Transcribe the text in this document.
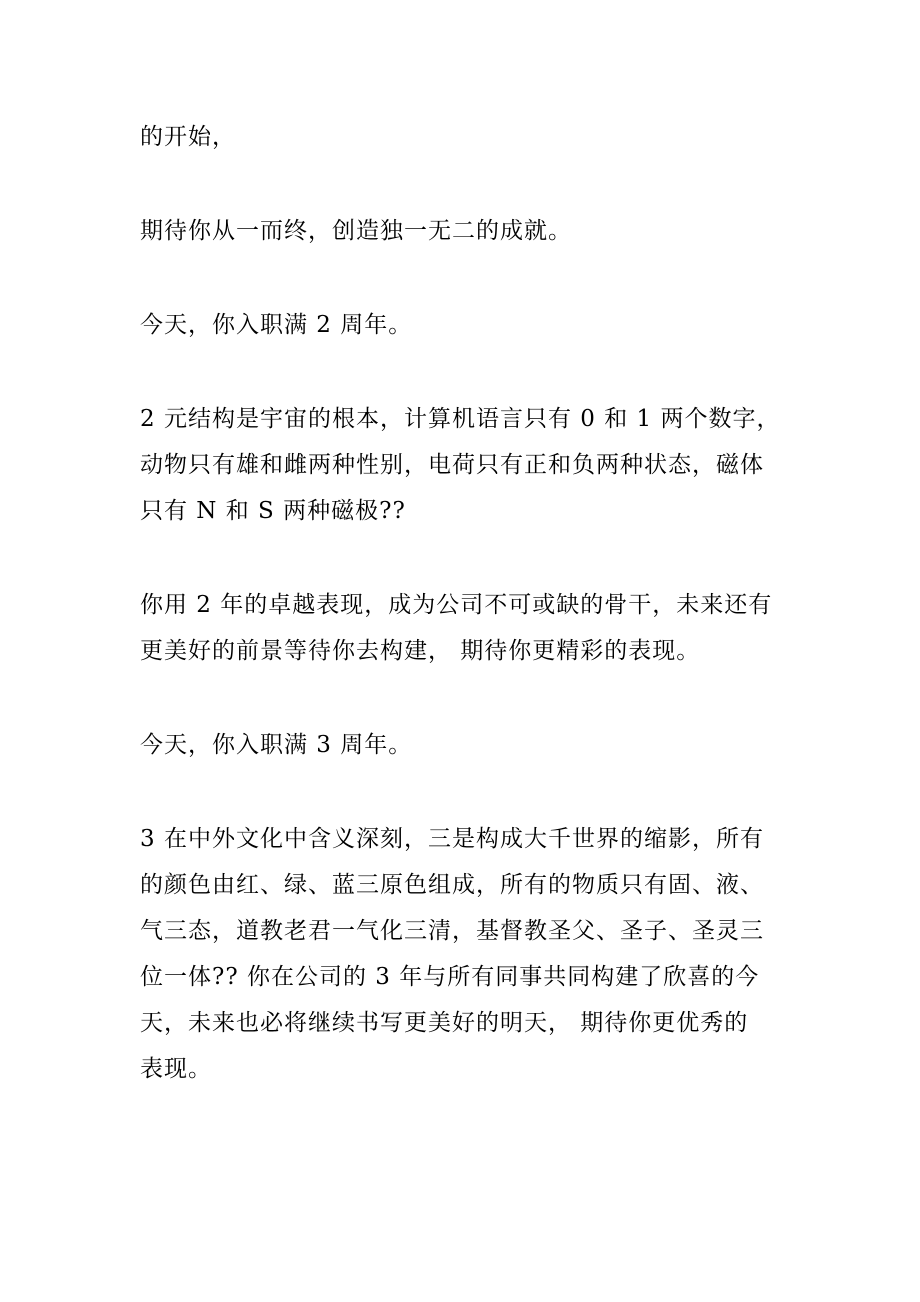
的开始，

期待你从一而终，创造独一无二的成就。

今天，你入职满 2 周年。

2 元结构是宇宙的根本，计算机语言只有 0 和 1 两个数字，
动物只有雄和雌两种性别，电荷只有正和负两种状态，磁体
只有 N 和 S 两种磁极??

你用 2 年的卓越表现，成为公司不可或缺的骨干，未来还有
更美好的前景等待你去构建， 期待你更精彩的表现。

今天，你入职满 3 周年。

3 在中外文化中含义深刻，三是构成大千世界的缩影，所有
的颜色由红、绿、蓝三原色组成，所有的物质只有固、液、
气三态，道教老君一气化三清，基督教圣父、圣子、圣灵三
位一体?? 你在公司的 3 年与所有同事共同构建了欣喜的今
天，未来也必将继续书写更美好的明天， 期待你更优秀的
表现。
